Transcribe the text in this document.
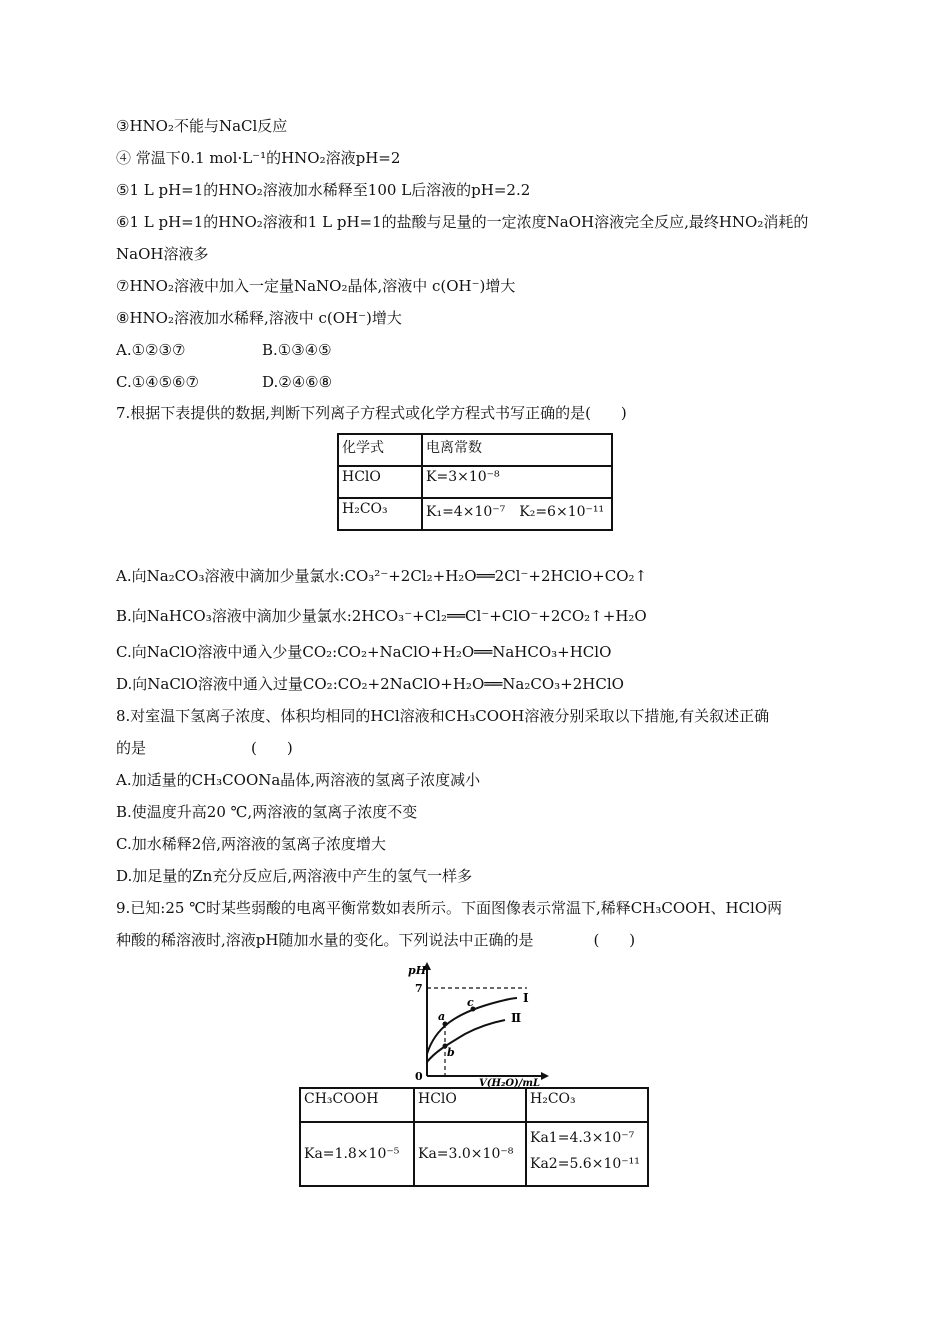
③HNO₂不能与NaCl反应
④ 常温下0.1 mol·L⁻¹的HNO₂溶液pH=2
⑤1 L pH=1的HNO₂溶液加水稀释至100 L后溶液的pH=2.2
⑥1 L pH=1的HNO₂溶液和1 L pH=1的盐酸与足量的一定浓度NaOH溶液完全反应,最终HNO₂消耗的
NaOH溶液多
⑦HNO₂溶液中加入一定量NaNO₂晶体,溶液中 c(OH⁻)增大
⑧HNO₂溶液加水稀释,溶液中 c(OH⁻)增大
A.①②③⑦	B.①③④⑤
C.①④⑤⑥⑦	D.②④⑥⑧
7.根据下表提供的数据,判断下列离子方程式或化学方程式书写正确的是(　　)
化学式	电离常数
HClO	K=3×10⁻⁸
H₂CO₃	K₁=4×10⁻⁷　K₂=6×10⁻¹¹
A.向Na₂CO₃溶液中滴加少量氯水:CO₃²⁻+2Cl₂+H₂O══2Cl⁻+2HClO+CO₂↑
B.向NaHCO₃溶液中滴加少量氯水:2HCO₃⁻+Cl₂══Cl⁻+ClO⁻+2CO₂↑+H₂O
C.向NaClO溶液中通入少量CO₂:CO₂+NaClO+H₂O══NaHCO₃+HClO
D.向NaClO溶液中通入过量CO₂:CO₂+2NaClO+H₂O══Na₂CO₃+2HClO
8.对室温下氢离子浓度、体积均相同的HCl溶液和CH₃COOH溶液分别采取以下措施,有关叙述正确
的是　　　　　　　(　　)
A.加适量的CH₃COONa晶体,两溶液的氢离子浓度减小
B.使温度升高20 ℃,两溶液的氢离子浓度不变
C.加水稀释2倍,两溶液的氢离子浓度增大
D.加足量的Zn充分反应后,两溶液中产生的氢气一样多
9.已知:25 ℃时某些弱酸的电离平衡常数如表所示。下面图像表示常温下,稀释CH₃COOH、HClO两
种酸的稀溶液时,溶液pH随加水量的变化。下列说法中正确的是　　　　(　　)
pH
7
0
a
b
c	Ⅰ
Ⅱ
V(H₂O)/mL
CH₃COOH	HClO	H₂CO₃
Ka=1.8×10⁻⁵	Ka=3.0×10⁻⁸	Ka1=4.3×10⁻⁷
Ka2=5.6×10⁻¹¹
